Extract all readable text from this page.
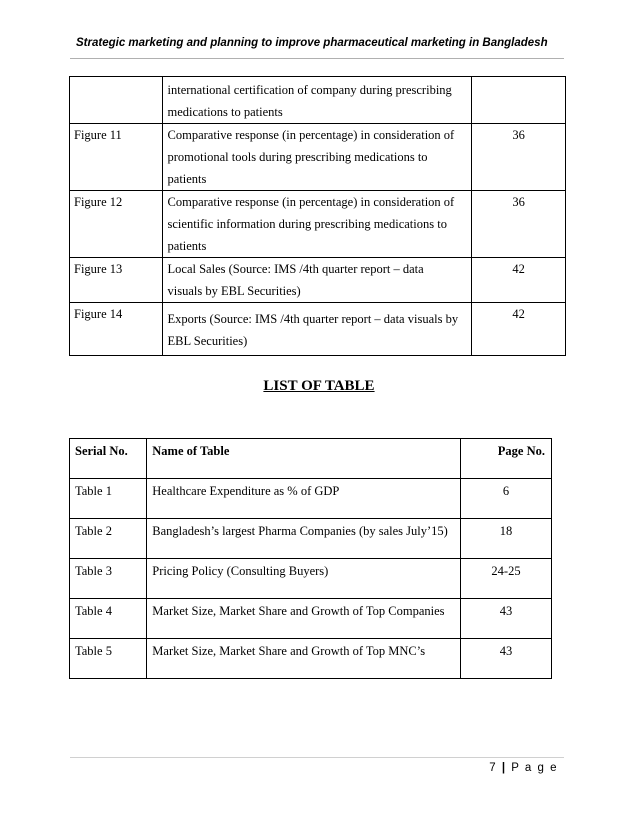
Strategic marketing and planning to improve pharmaceutical marketing in Bangladesh

	international certification of company during prescribing
medications to patients	

Figure 11	Comparative response (in percentage) in consideration of
promotional tools during prescribing medications to
patients	36
Figure 12	Comparative response (in percentage) in consideration of
scientific information during prescribing medications to
patients	36
Figure 13	Local Sales (Source: IMS /4th quarter report – data
visuals by EBL Securities)	42
Figure 14	Exports (Source: IMS /4th quarter report – data visuals by
EBL Securities)	42
LIST OF TABLE
Serial No.	Name of Table	Page No.
Table 1	Healthcare Expenditure as % of GDP	6
Table 2	Bangladesh’s largest Pharma Companies (by sales July’15)	18
Table 3	Pricing Policy (Consulting Buyers)	24-25
Table 4	Market Size, Market Share and Growth of Top Companies	43
Table 5	Market Size, Market Share and Growth of Top MNC’s	43
7 | P a g e
